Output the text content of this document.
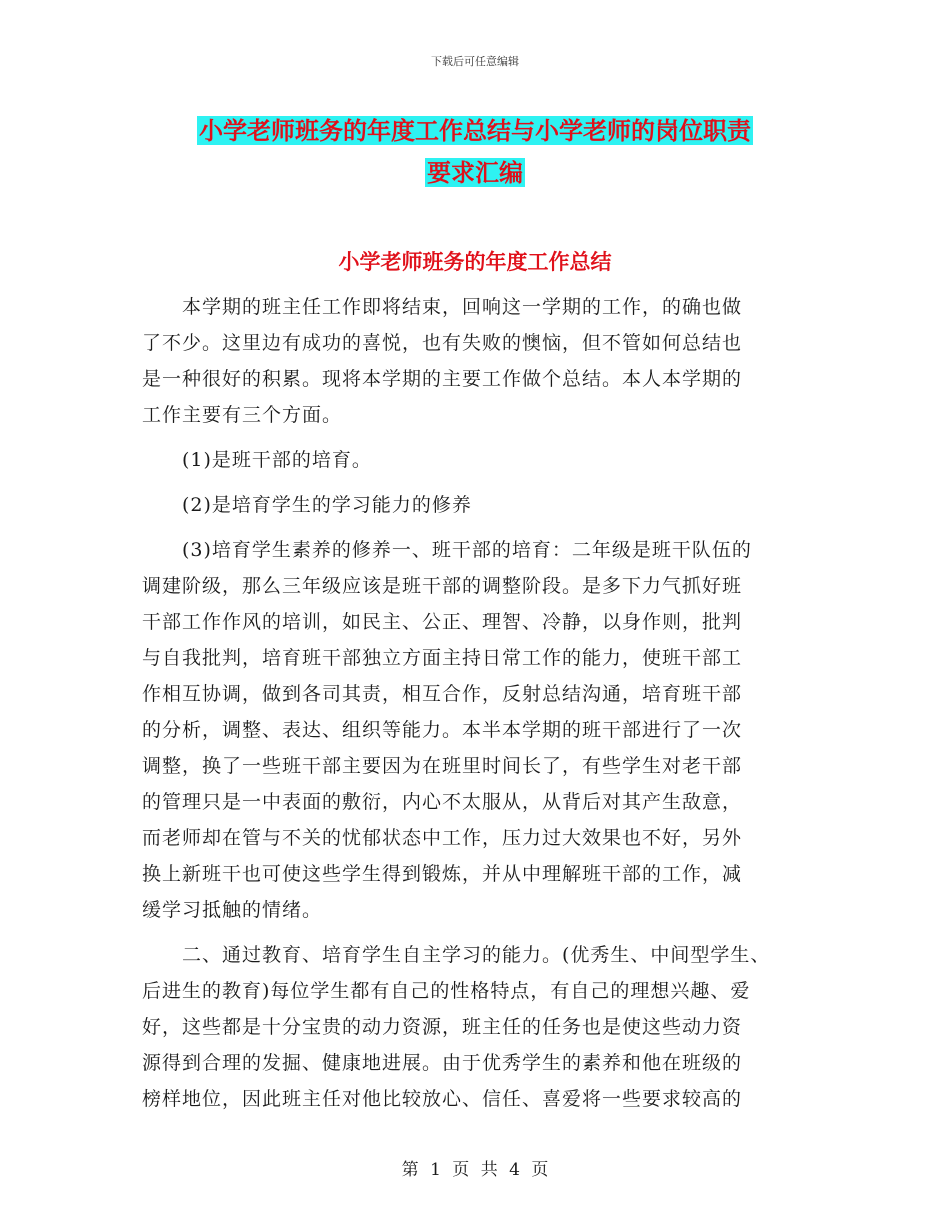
下载后可任意编辑
小学老师班务的年度工作总结与小学老师的岗位职责
要求汇编
小学老师班务的年度工作总结
本学期的班主任工作即将结束，回响这一学期的工作，的确也做
了不少。这里边有成功的喜悦，也有失败的懊恼，但不管如何总结也
是一种很好的积累。现将本学期的主要工作做个总结。本人本学期的
工作主要有三个方面。
(1)是班干部的培育。
(2)是培育学生的学习能力的修养
(3)培育学生素养的修养一、班干部的培育：二年级是班干队伍的
调建阶级，那么三年级应该是班干部的调整阶段。是多下力气抓好班
干部工作作风的培训，如民主、公正、理智、冷静，以身作则，批判
与自我批判，培育班干部独立方面主持日常工作的能力，使班干部工
作相互协调，做到各司其责，相互合作，反射总结沟通，培育班干部
的分析，调整、表达、组织等能力。本半本学期的班干部进行了一次
调整，换了一些班干部主要因为在班里时间长了，有些学生对老干部
的管理只是一中表面的敷衍，内心不太服从，从背后对其产生敌意，
而老师却在管与不关的忧郁状态中工作，压力过大效果也不好，另外
换上新班干也可使这些学生得到锻炼，并从中理解班干部的工作，减
缓学习抵触的情绪。
二、通过教育、培育学生自主学习的能力。(优秀生、中间型学生、
后进生的教育)每位学生都有自己的性格特点，有自己的理想兴趣、爱
好，这些都是十分宝贵的动力资源，班主任的任务也是使这些动力资
源得到合理的发掘、健康地进展。由于优秀学生的素养和他在班级的
榜样地位，因此班主任对他比较放心、信任、喜爱将一些要求较高的
第 1 页 共 4 页
